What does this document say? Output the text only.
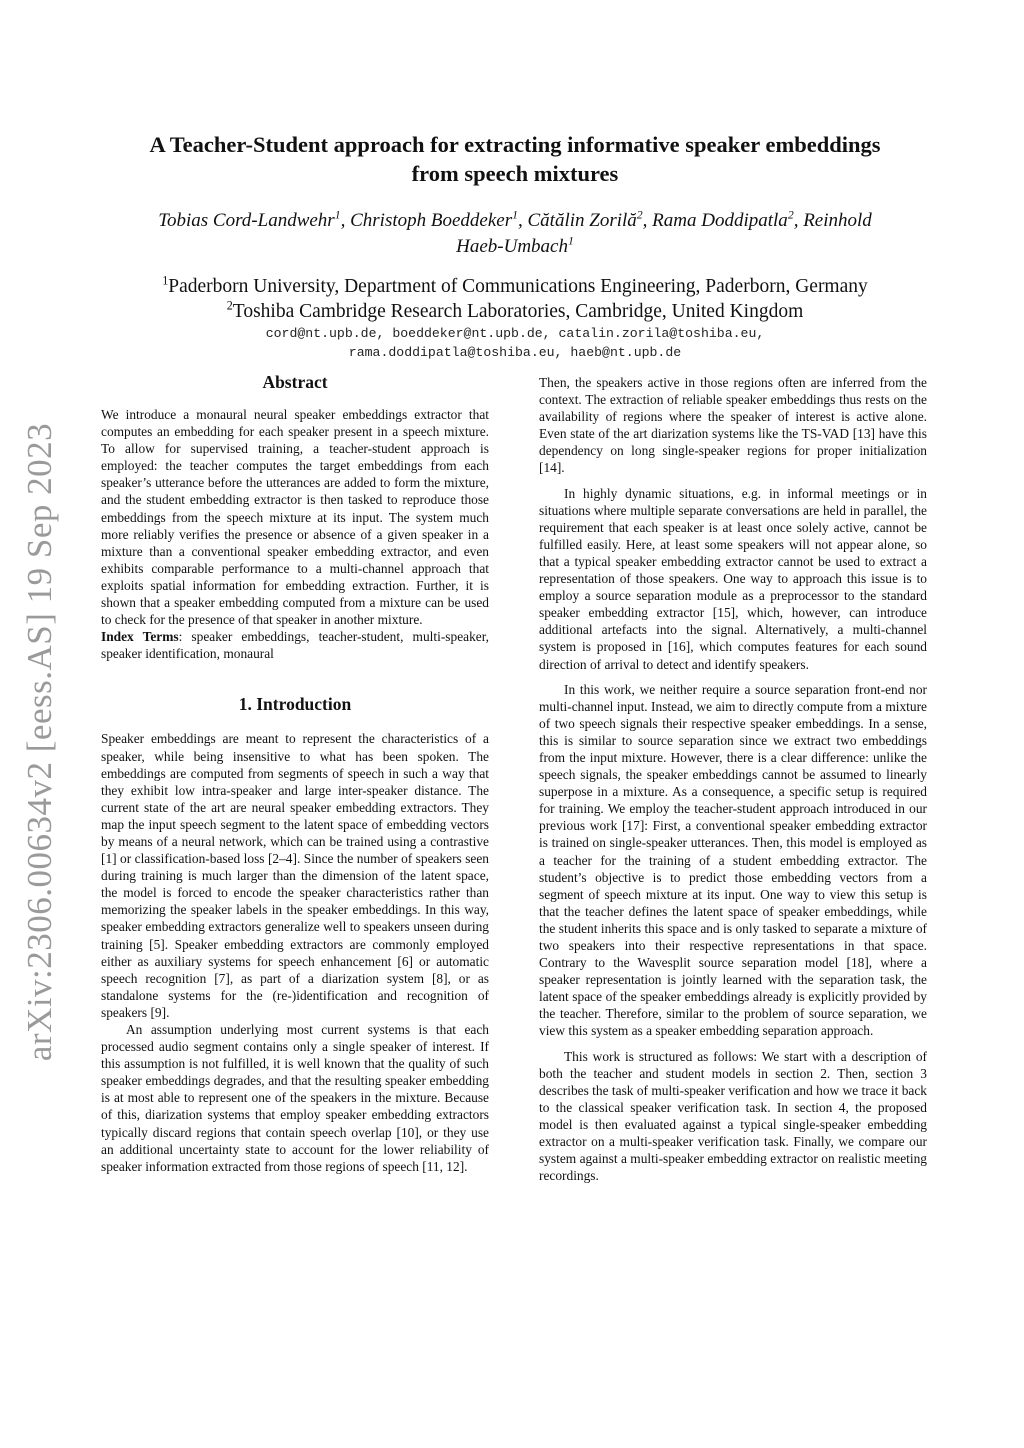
arXiv:2306.00634v2 [eess.AS] 19 Sep 2023
A Teacher-Student approach for extracting informative speaker embeddings
from speech mixtures
Tobias Cord-Landwehr$^1$, Christoph Boeddeker$^1$, Cătălin Zorilă$^2$, Rama Doddipatla$^2$, Reinhold
Haeb-Umbach$^1$
$^1$Paderborn University, Department of Communications Engineering, Paderborn, Germany
$^2$Toshiba Cambridge Research Laboratories, Cambridge, United Kingdom
cord@nt.upb.de, boeddeker@nt.upb.de, catalin.zorila@toshiba.eu,
rama.doddipatla@toshiba.eu, haeb@nt.upb.de
Abstract

We introduce a monaural neural speaker embeddings extractor that computes an embedding for each speaker present in a speech mixture. To allow for supervised training, a teacher-student approach is employed: the teacher computes the target embeddings from each speaker’s utterance before the utterances are added to form the mixture, and the student embedding extractor is then tasked to reproduce those embeddings from the speech mixture at its input. The system much more reliably verifies the presence or absence of a given speaker in a mixture than a conventional speaker embedding extractor, and even exhibits comparable performance to a multi-channel approach that exploits spatial information for embedding extraction. Further, it is shown that a speaker embedding computed from a mixture can be used to check for the presence of that speaker in another mixture.

Index Terms: speaker embeddings, teacher-student, multi-speaker, speaker identification, monaural

1. Introduction

Speaker embeddings are meant to represent the characteristics of a speaker, while being insensitive to what has been spoken. The embeddings are computed from segments of speech in such a way that they exhibit low intra-speaker and large inter-speaker distance. The current state of the art are neural speaker embedding extractors. They map the input speech segment to the latent space of embedding vectors by means of a neural network, which can be trained using a contrastive [1] or classification-based loss [2–4]. Since the number of speakers seen during training is much larger than the dimension of the latent space, the model is forced to encode the speaker characteristics rather than memorizing the speaker labels in the speaker embeddings. In this way, speaker embedding extractors generalize well to speakers unseen during training [5]. Speaker embedding extractors are commonly employed either as auxiliary systems for speech enhancement [6] or automatic speech recognition [7], as part of a diarization system [8], or as standalone systems for the (re-)identification and recognition of speakers [9].

An assumption underlying most current systems is that each processed audio segment contains only a single speaker of interest. If this assumption is not fulfilled, it is well known that the quality of such speaker embeddings degrades, and that the resulting speaker embedding is at most able to represent one of the speakers in the mixture. Because of this, diarization systems that employ speaker embedding extractors typically discard regions that contain speech overlap [10], or they use an additional uncertainty state to account for the lower reliability of speaker information extracted from those regions of speech [11, 12].

Then, the speakers active in those regions often are inferred from the context. The extraction of reliable speaker embeddings thus rests on the availability of regions where the speaker of interest is active alone. Even state of the art diarization systems like the TS-VAD [13] have this dependency on long single-speaker regions for proper initialization [14].

In highly dynamic situations, e.g. in informal meetings or in situations where multiple separate conversations are held in parallel, the requirement that each speaker is at least once solely active, cannot be fulfilled easily. Here, at least some speakers will not appear alone, so that a typical speaker embedding extractor cannot be used to extract a representation of those speakers. One way to approach this issue is to employ a source separation module as a preprocessor to the standard speaker embedding extractor [15], which, however, can introduce additional artefacts into the signal. Alternatively, a multi-channel system is proposed in [16], which computes features for each sound direction of arrival to detect and identify speakers.

In this work, we neither require a source separation front-end nor multi-channel input. Instead, we aim to directly compute from a mixture of two speech signals their respective speaker embeddings. In a sense, this is similar to source separation since we extract two embeddings from the input mixture. However, there is a clear difference: unlike the speech signals, the speaker embeddings cannot be assumed to linearly superpose in a mixture. As a consequence, a specific setup is required for training. We employ the teacher-student approach introduced in our previous work [17]: First, a conventional speaker embedding extractor is trained on single-speaker utterances. Then, this model is employed as a teacher for the training of a student embedding extractor. The student’s objective is to predict those embedding vectors from a segment of speech mixture at its input. One way to view this setup is that the teacher defines the latent space of speaker embeddings, while the student inherits this space and is only tasked to separate a mixture of two speakers into their respective representations in that space. Contrary to the Wavesplit source separation model [18], where a speaker representation is jointly learned with the separation task, the latent space of the speaker embeddings already is explicitly provided by the teacher. Therefore, similar to the problem of source separation, we view this system as a speaker embedding separation approach.

This work is structured as follows: We start with a description of both the teacher and student models in section 2. Then, section 3 describes the task of multi-speaker verification and how we trace it back to the classical speaker verification task. In section 4, the proposed model is then evaluated against a typical single-speaker embedding extractor on a multi-speaker verification task. Finally, we compare our system against a multi-speaker embedding extractor on realistic meeting recordings.
